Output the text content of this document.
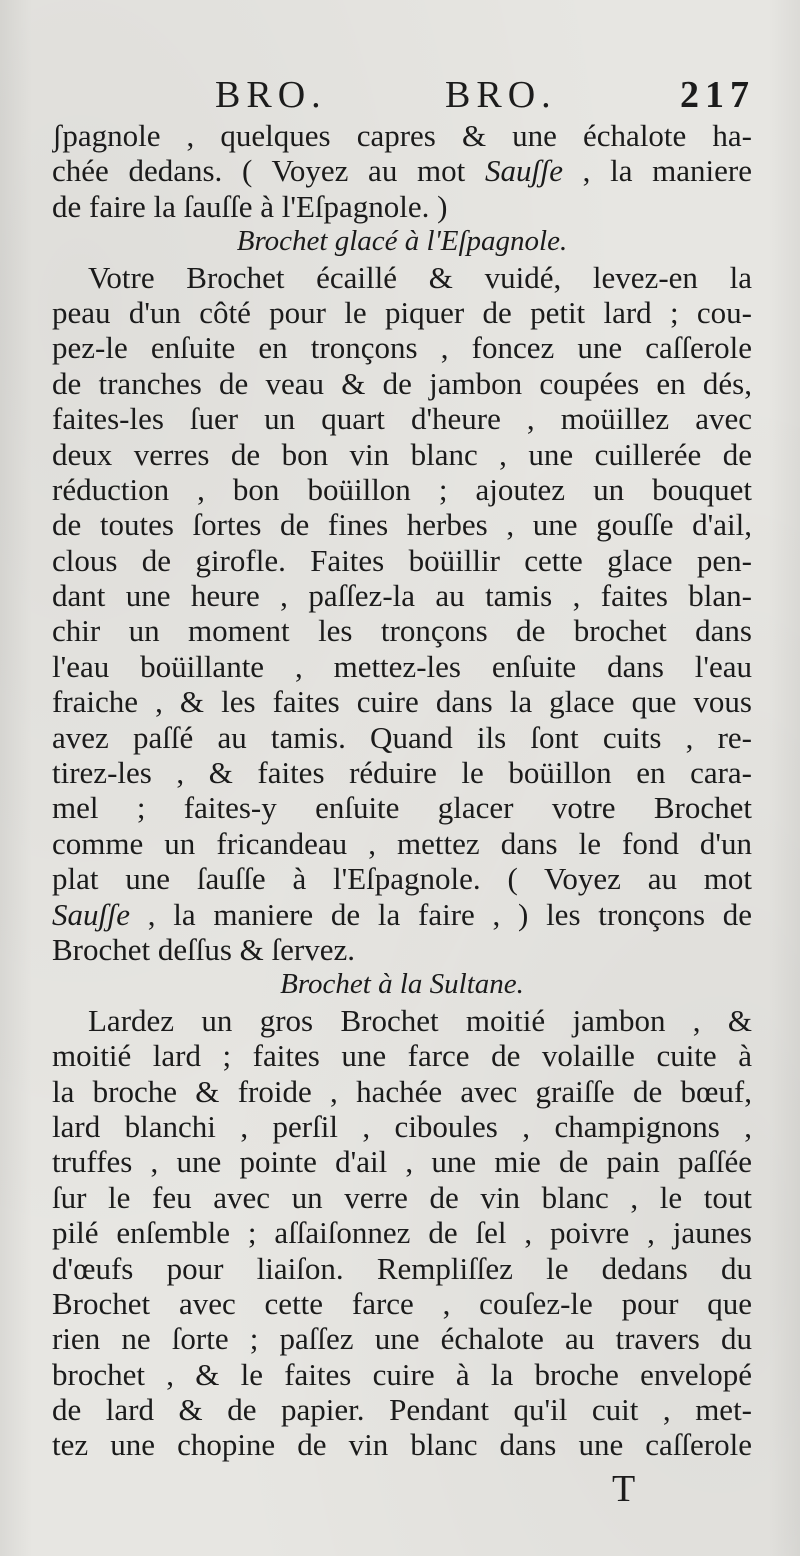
BRO.	BRO.	217
ʃpagnole , quelques capres & une échalote ha-
chée dedans. ( Voyez au mot Sauʃʃe , la maniere
de faire la ſauſſe à l'Eſpagnole. )
Brochet glacé à l'Eſpagnole.
Votre Brochet écaillé & vuidé, levez-en la
peau d'un côté pour le piquer de petit lard ; cou-
pez-le enſuite en tronçons , foncez une caſſerole
de tranches de veau & de jambon coupées en dés,
faites-les ſuer un quart d'heure , moüillez avec
deux verres de bon vin blanc , une cuillerée de
réduction , bon boüillon ; ajoutez un bouquet
de toutes ſortes de fines herbes , une gouſſe d'ail,
clous de girofle. Faites boüillir cette glace pen-
dant une heure , paſſez-la au tamis , faites blan-
chir un moment les tronçons de brochet dans
l'eau boüillante , mettez-les enſuite dans l'eau
fraiche , & les faites cuire dans la glace que vous
avez paſſé au tamis. Quand ils ſont cuits , re-
tirez-les , & faites réduire le boüillon en cara-
mel ; faites-y enſuite glacer votre Brochet
comme un fricandeau , mettez dans le fond d'un
plat une ſauſſe à l'Eſpagnole. ( Voyez au mot
Sauʃʃe , la maniere de la faire , ) les tronçons de
Brochet deſſus & ſervez.
Brochet à la Sultane.
Lardez un gros Brochet moitié jambon , &
moitié lard ; faites une farce de volaille cuite à
la broche & froide , hachée avec graiſſe de bœuf,
lard blanchi , perſil , ciboules , champignons ,
truffes , une pointe d'ail , une mie de pain paſſée
ſur le feu avec un verre de vin blanc , le tout
pilé enſemble ; aſſaiſonnez de ſel , poivre , jaunes
d'œufs pour liaiſon. Rempliſſez le dedans du
Brochet avec cette farce , couſez-le pour que
rien ne ſorte ; paſſez une échalote au travers du
brochet , & le faites cuire à la broche envelopé
de lard & de papier. Pendant qu'il cuit , met-
tez une chopine de vin blanc dans une caſſerole
T
